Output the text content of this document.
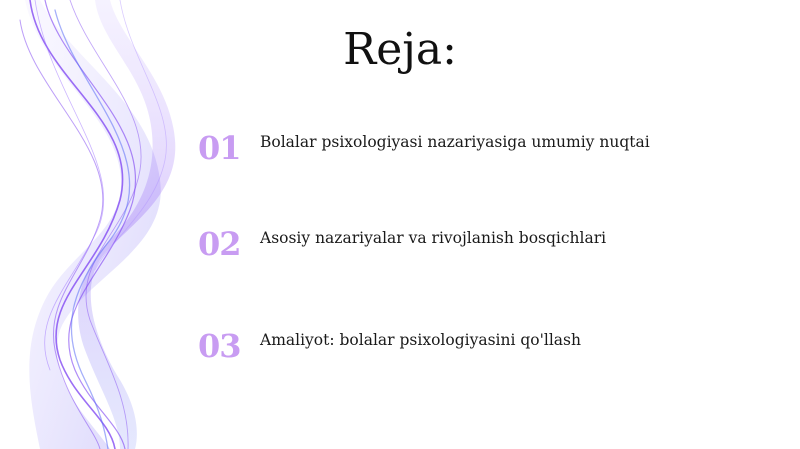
Reja:
01	Bolalar psixologiyasi nazariyasiga umumiy nuqtai
02	Asosiy nazariyalar va rivojlanish bosqichlari
03	Amaliyot: bolalar psixologiyasini qo'llash
